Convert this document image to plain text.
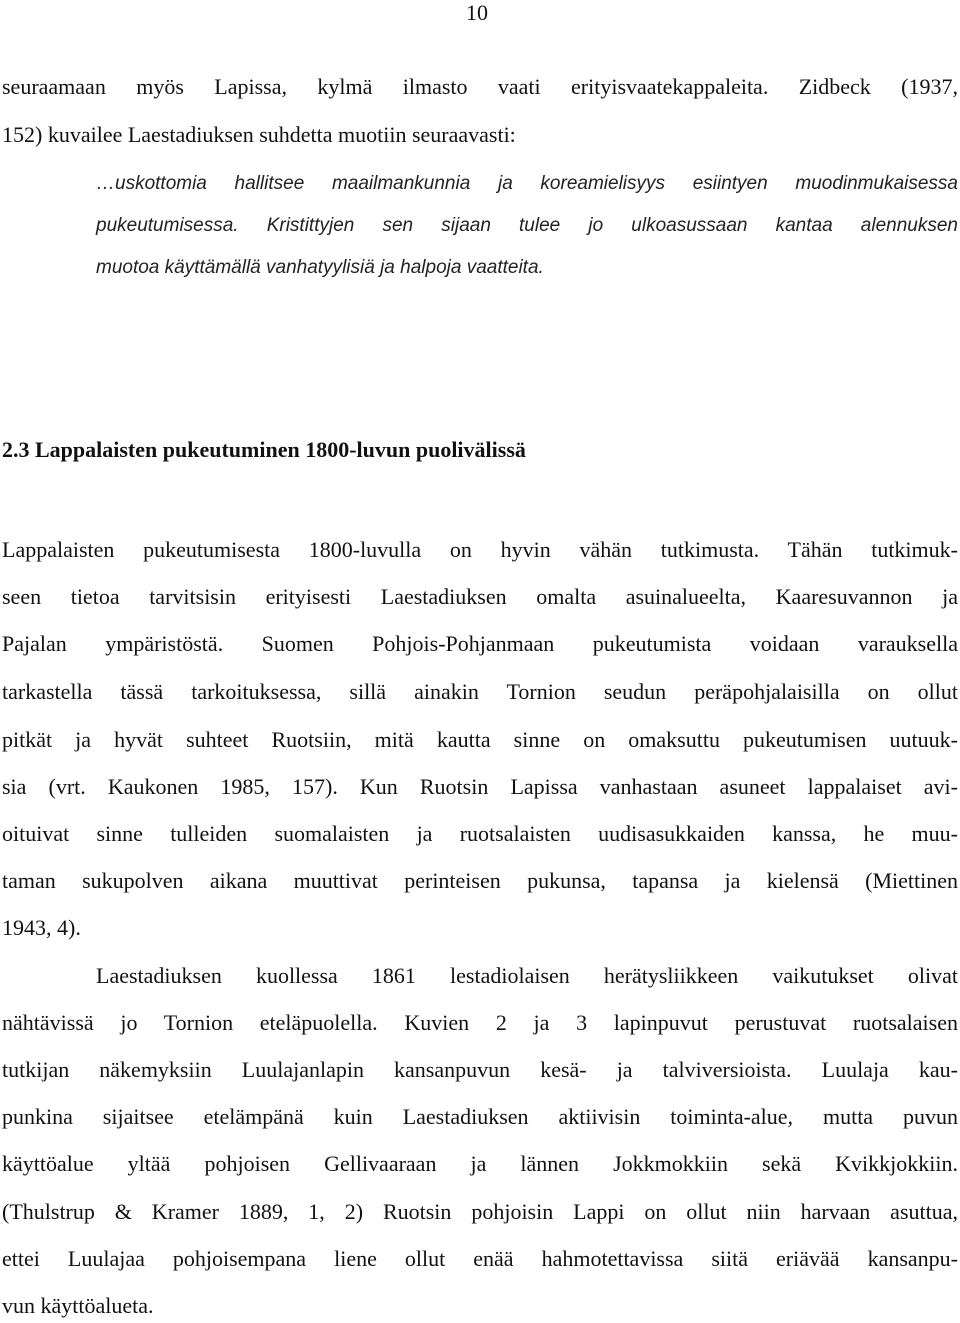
10
seuraamaan myös Lapissa, kylmä ilmasto vaati erityisvaatekappaleita. Zidbeck (1937,
152) kuvailee Laestadiuksen suhdetta muotiin seuraavasti:
…uskottomia hallitsee maailmankunnia ja koreamielisyys esiintyen muodinmukaisessa
pukeutumisessa. Kristittyjen sen sijaan tulee jo ulkoasussaan kantaa alennuksen
muotoa käyttämällä vanhatyylisiä ja halpoja vaatteita.
2.3 Lappalaisten pukeutuminen 1800-luvun puolivälissä
Lappalaisten pukeutumisesta 1800-luvulla on hyvin vähän tutkimusta. Tähän tutkimuk-
seen tietoa tarvitsisin erityisesti Laestadiuksen omalta asuinalueelta, Kaaresuvannon ja
Pajalan ympäristöstä. Suomen Pohjois-Pohjanmaan pukeutumista voidaan varauksella
tarkastella tässä tarkoituksessa, sillä ainakin Tornion seudun peräpohjalaisilla on ollut
pitkät ja hyvät suhteet Ruotsiin, mitä kautta sinne on omaksuttu pukeutumisen uutuuk-
sia (vrt. Kaukonen 1985, 157). Kun Ruotsin Lapissa vanhastaan asuneet lappalaiset avi-
oituivat sinne tulleiden suomalaisten ja ruotsalaisten uudisasukkaiden kanssa, he muu-
taman sukupolven aikana muuttivat perinteisen pukunsa, tapansa ja kielensä (Miettinen
1943, 4).
Laestadiuksen kuollessa 1861 lestadiolaisen herätysliikkeen vaikutukset olivat
nähtävissä jo Tornion eteläpuolella. Kuvien 2 ja 3 lapinpuvut perustuvat ruotsalaisen
tutkijan näkemyksiin Luulajanlapin kansanpuvun kesä- ja talviversioista. Luulaja kau-
punkina sijaitsee etelämpänä kuin Laestadiuksen aktiivisin toiminta-alue, mutta puvun
käyttöalue yltää pohjoisen Gellivaaraan ja lännen Jokkmokkiin sekä Kvikkjokkiin.
(Thulstrup & Kramer 1889, 1, 2) Ruotsin pohjoisin Lappi on ollut niin harvaan asuttua,
ettei Luulajaa pohjoisempana liene ollut enää hahmotettavissa siitä eriävää kansanpu-
vun käyttöalueta.
